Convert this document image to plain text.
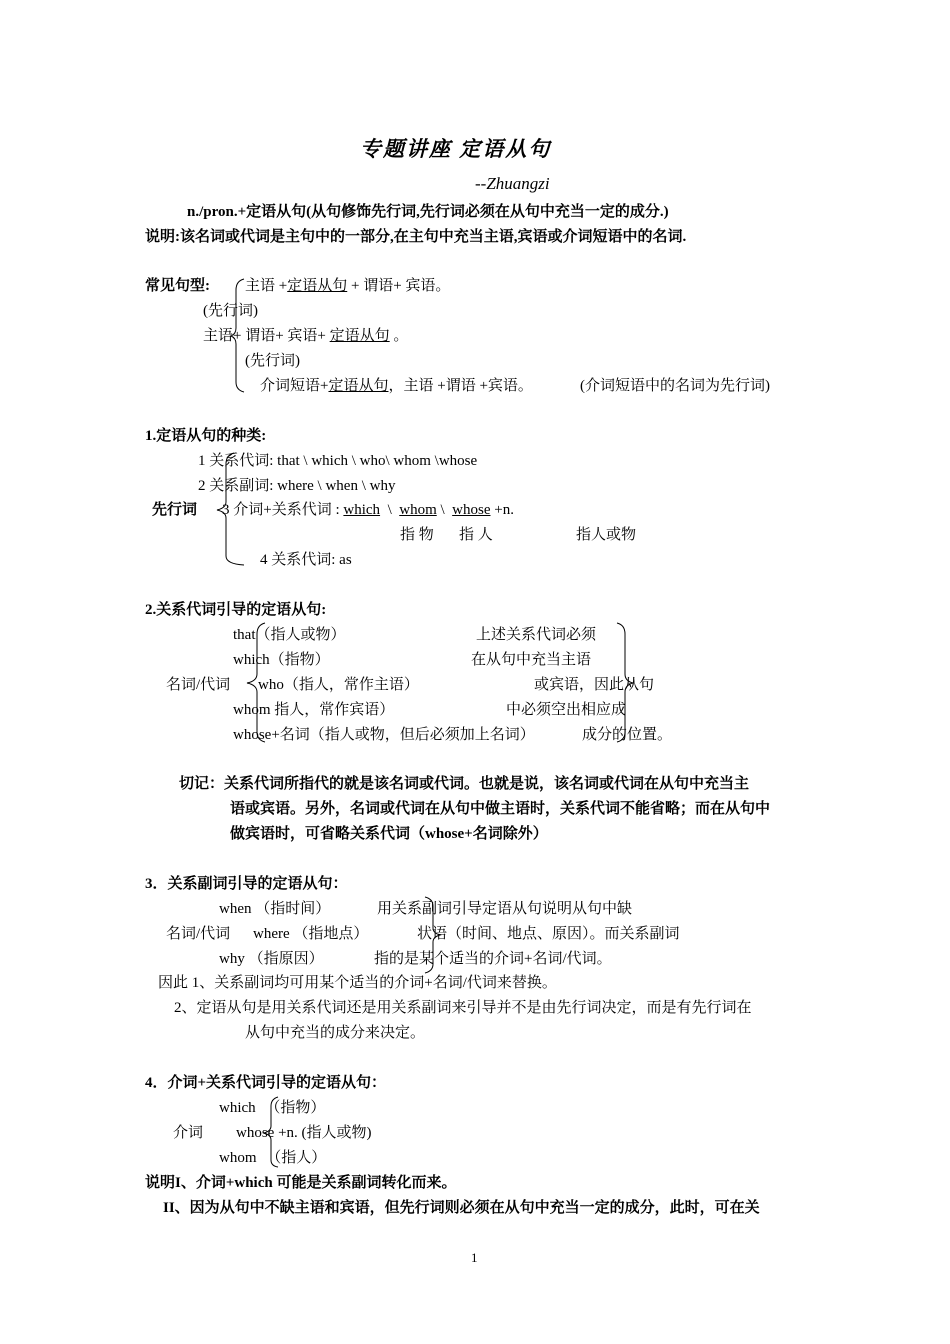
专题讲座 定语从句
--Zhuangzi
n./pron.+定语从句(从句修饰先行词,先行词必须在从句中充当一定的成分.)
说明:该名词或代词是主句中的一部分,在主句中充当主语,宾语或介词短语中的名词.
常见句型: 主语 +定语从句 + 谓语+ 宾语。
(先行词)
主语+ 谓语+ 宾语+ 定语从句 。
(先行词)
介词短语+定语从句，主语 +谓语 +宾语。	(介词短语中的名词为先行词)
1.定语从句的种类:
1 关系代词: that \ which \ who\ whom \whose
2 关系副词: where \ when \ why
先行词 3 介词+关系代词 : which  \  whom \  whose +n.
指 物 指 人	指人或物
4 关系代词: as
2.关系代词引导的定语从句:
that（指人或物）
which（指物）
名词/代词 who（指人，常作主语）
whom 指人，常作宾语）
whose+名词（指人或物，但后必须加上名词）
上述关系代词必须
在从句中充当主语
或宾语，因此从句
中必须空出相应成
成分的位置。
切记：关系代词所指代的就是该名词或代词。也就是说，该名词或代词在从句中充当主
语或宾语。另外，名词或代词在从句中做主语时，关系代词不能省略；而在从句中
做宾语时，可省略关系代词（whose+名词除外）
3．关系副词引导的定语从句：
when （指时间）
名词/代词 where （指地点）
why （指原因）
用关系副词引导定语从句说明从句中缺
状语（时间、地点、原因）。而关系副词
指的是某个适当的介词+名词/代词。
因此 1、关系副词均可用某个适当的介词+名词/代词来替换。
2、定语从句是用关系代词还是用关系副词来引导并不是由先行词决定，而是有先行词在
从句中充当的成分来决定。
4．介词+关系代词引导的定语从句：
which （指物）
介词 whose +n. (指人或物)
whom （指人）
说明I、介词+which 可能是关系副词转化而来。
II、因为从句中不缺主语和宾语，但先行词则必须在从句中充当一定的成分，此时，可在关
1
